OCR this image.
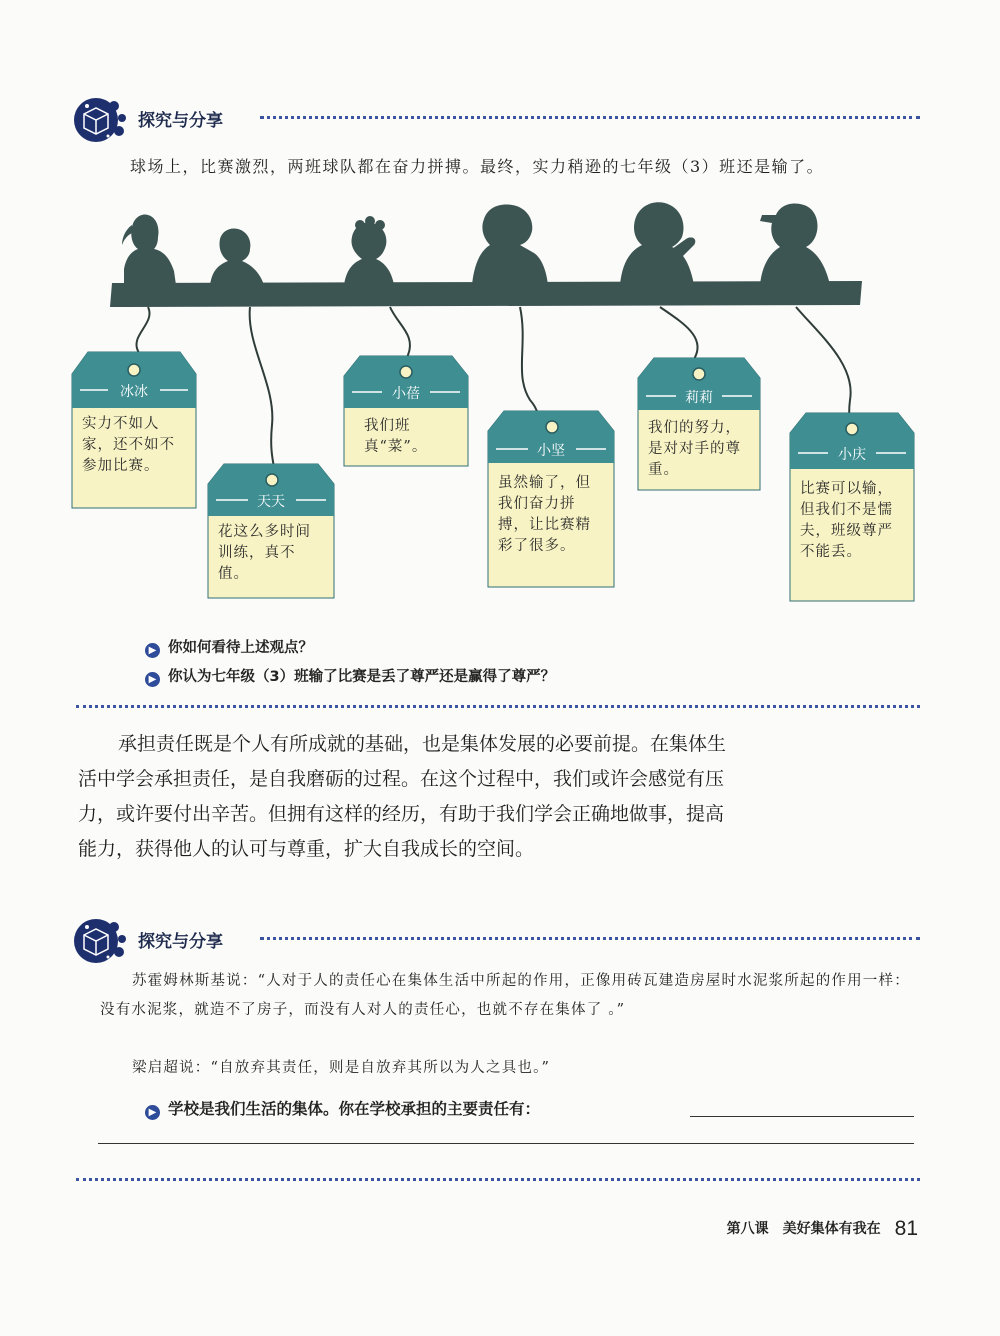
探究与分享
球场上，比赛激烈，两班球队都在奋力拼搏。最终，实力稍逊的七年级（3）班还是输了。
冰冰
实力不如人家，还不如不参加比赛。
天天
花这么多时间训练，真不值。
小蓓
我们班真“菜”。	小坚
虽然输了，但我们奋力拼搏，让比赛精彩了很多。
莉莉
我们的努力，是对对手的尊重。
小庆
比赛可以输，但我们不是懦夫，班级尊严不能丢。
▶ 你如何看待上述观点？
▶ 你认为七年级（3）班输了比赛是丢了尊严还是赢得了尊严？

承担责任既是个人有所成就的基础，也是集体发展的必要前提。在集体生活中学会承担责任，是自我磨砺的过程。在这个过程中，我们或许会感觉有压力，或许要付出辛苦。但拥有这样的经历，有助于我们学会正确地做事，提高能力，获得他人的认可与尊重，扩大自我成长的空间。

探究与分享
苏霍姆林斯基说：“人对于人的责任心在集体生活中所起的作用，正像用砖瓦建造房屋时水泥浆所起的作用一样：没有水泥浆，就造不了房子，而没有人对人的责任心，也就不存在集体了 。”
梁启超说：“自放弃其责任，则是自放弃其所以为人之具也。”
▶ 学校是我们生活的集体。你在学校承担的主要责任有：
第八课　美好集体有我在 81
